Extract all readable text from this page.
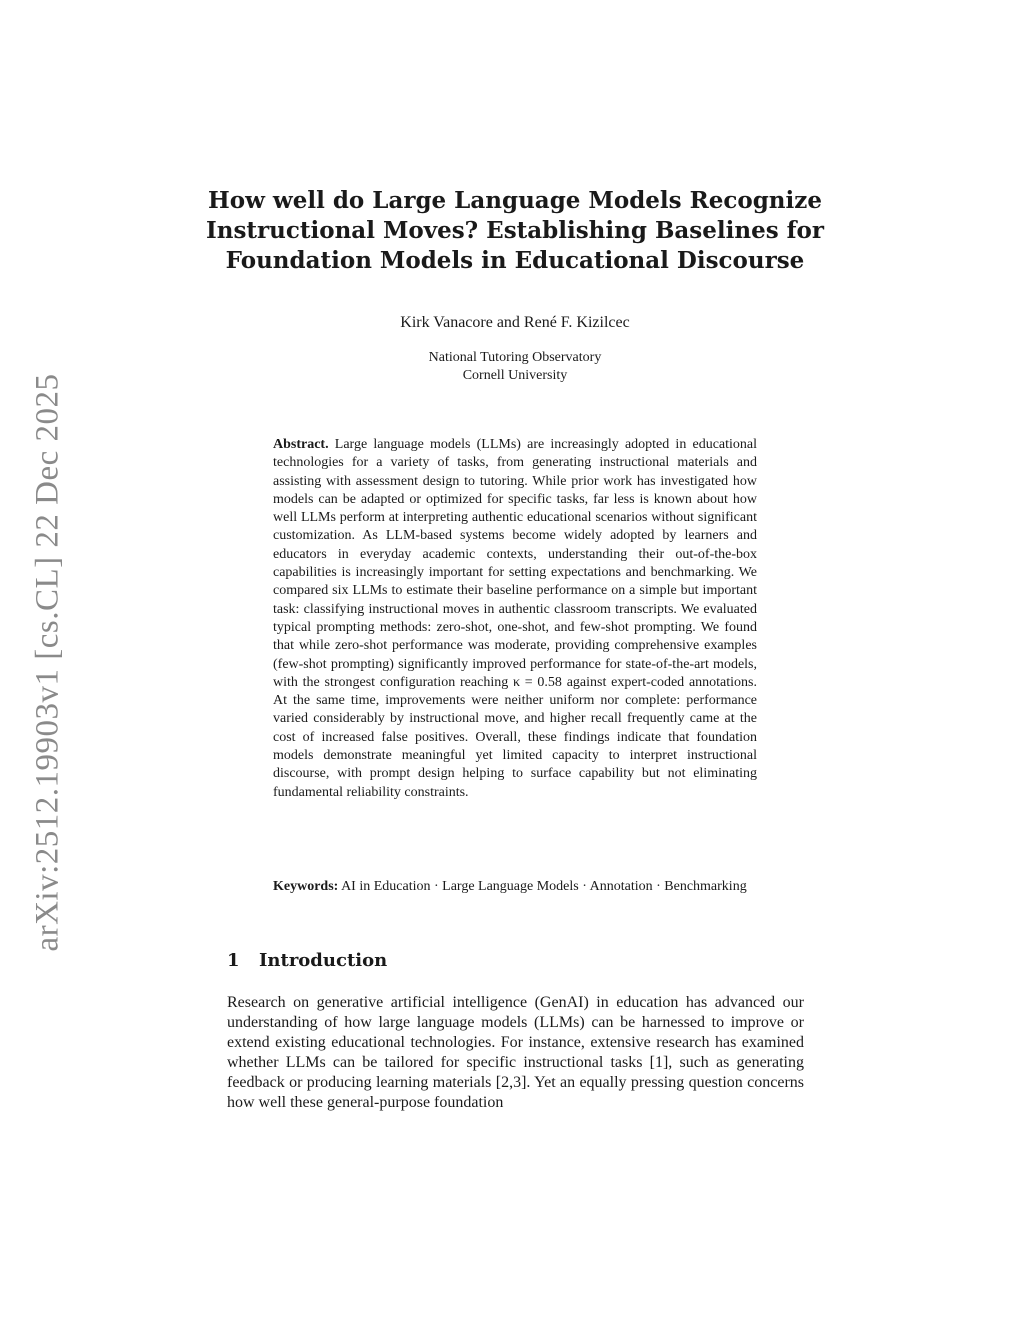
arXiv:2512.19903v1 [cs.CL] 22 Dec 2025
How well do Large Language Models Recognize
Instructional Moves? Establishing Baselines for
Foundation Models in Educational Discourse
Kirk Vanacore and René F. Kizilcec
National Tutoring Observatory
Cornell University
Abstract. Large language models (LLMs) are increasingly adopted in educational technologies for a variety of tasks, from generating instructional materials and assisting with assessment design to tutoring. While prior work has investigated how models can be adapted or optimized for specific tasks, far less is known about how well LLMs perform at interpreting authentic educational scenarios without significant customization. As LLM-based systems become widely adopted by learners and educators in everyday academic contexts, understanding their out-of-the-box capabilities is increasingly important for setting expectations and benchmarking. We compared six LLMs to estimate their baseline performance on a simple but important task: classifying instructional moves in authentic classroom transcripts. We evaluated typical prompting methods: zero-shot, one-shot, and few-shot prompting. We found that while zero-shot performance was moderate, providing comprehensive examples (few-shot prompting) significantly improved performance for state-of-the-art models, with the strongest configuration reaching κ = 0.58 against expert-coded annotations. At the same time, improvements were neither uniform nor complete: performance varied considerably by instructional move, and higher recall frequently came at the cost of increased false positives. Overall, these findings indicate that foundation models demonstrate meaningful yet limited capacity to interpret instructional discourse, with prompt design helping to surface capability but not eliminating fundamental reliability constraints.
Keywords: AI in Education · Large Language Models · Annotation · Benchmarking
1 Introduction
Research on generative artificial intelligence (GenAI) in education has advanced our understanding of how large language models (LLMs) can be harnessed to improve or extend existing educational technologies. For instance, extensive research has examined whether LLMs can be tailored for specific instructional tasks [1], such as generating feedback or producing learning materials [2,3]. Yet an equally pressing question concerns how well these general-purpose foundation
